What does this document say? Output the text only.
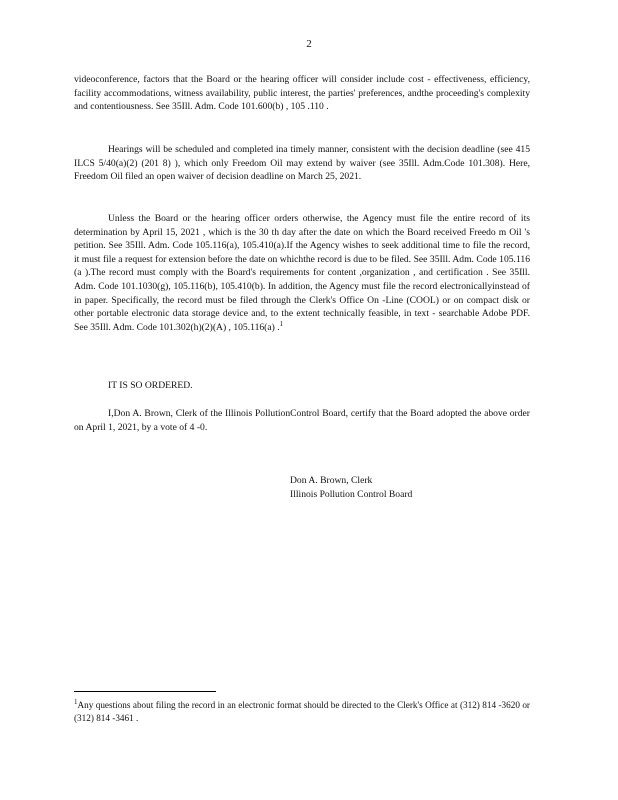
2

videoconference, factors that the Board or the hearing officer will consider include cost - effectiveness, efficiency, facility accommodations, witness availability, public interest, the parties' preferences, andthe proceeding's complexity and contentiousness. See 35Ill. Adm. Code 101.600(b) , 105 .110 .

Hearings will be scheduled and completed ina timely manner, consistent with the decision deadline (see 415 ILCS 5/40(a)(2) (201 8) ), which only Freedom Oil may extend by waiver (see 35Ill. Adm.Code 101.308). Here, Freedom Oil filed an open waiver of decision deadline on March 25, 2021.

Unless the Board or the hearing officer orders otherwise, the Agency must file the entire record of its determination by April 15, 2021 , which is the 30 th day after the date on which the Board received Freedo m Oil 's petition. See 35Ill. Adm. Code 105.116(a), 105.410(a).If the Agency wishes to seek additional time to file the record, it must file a request for extension before the date on whichthe record is due to be filed. See 35Ill. Adm. Code 105.116 (a ).The record must comply with the Board's requirements for content ,organization , and certification . See 35Ill. Adm. Code 101.1030(g), 105.116(b), 105.410(b). In addition, the Agency must file the record electronicallyinstead of in paper. Specifically, the record must be filed through the Clerk's Office On -Line (COOL) or on compact disk or other portable electronic data storage device and, to the extent technically feasible, in text - searchable Adobe PDF. See 35Ill. Adm. Code 101.302(h)(2)(A) , 105.116(a) .$^1$

IT IS SO ORDERED.

I,Don A. Brown, Clerk of the Illinois PollutionControl Board, certify that the Board adopted the above order on April 1, 2021, by a vote of 4 -0.

Don A. Brown, Clerk
Illinois Pollution Control Board
$^1$Any questions about filing the record in an electronic format should be directed to the Clerk's Office at (312) 814 -3620 or (312) 814 -3461 .
